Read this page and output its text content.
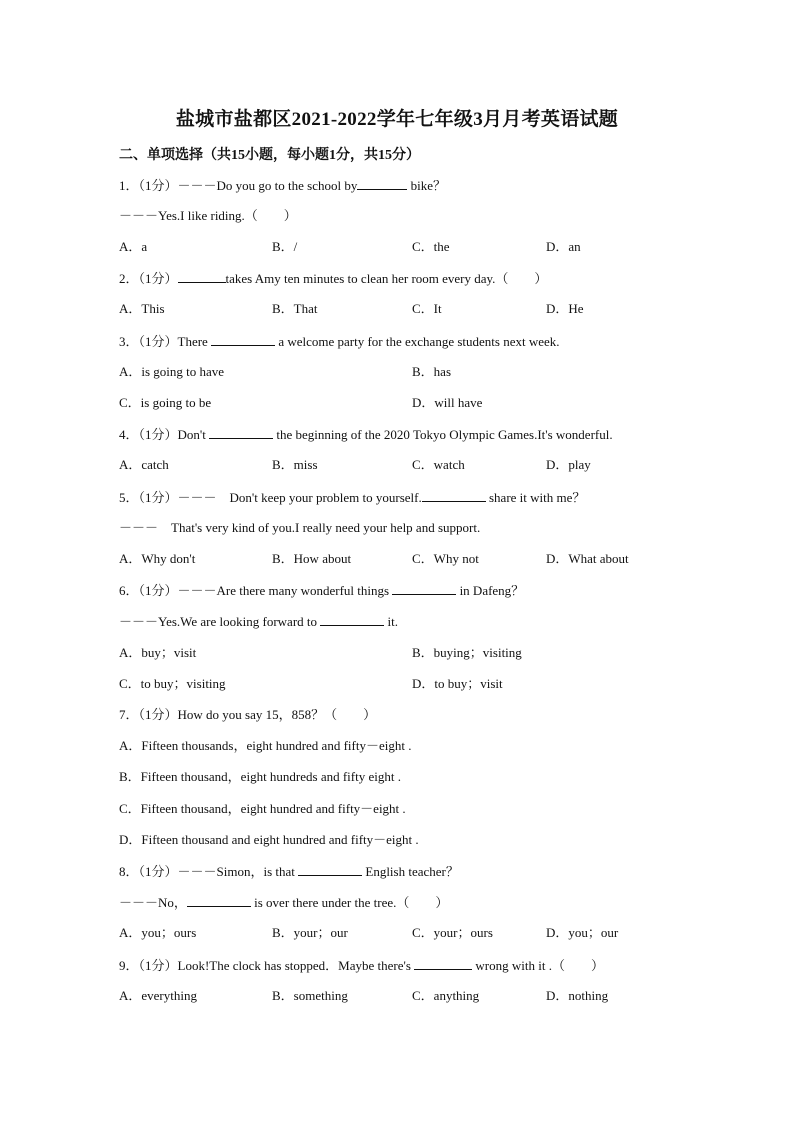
盐城市盐都区2021-2022学年七年级3月月考英语试题
二、单项选择（共15小题，每小题1分，共15分）
1．（1分）－－－Do you go to the school by	bike？
－－－Yes.I like riding.（　　）
A．a	B．/	C．the	D．an
2．（1分）	takes Amy ten minutes to clean her room every day.（　　）
A．This	B．That	C．It	D．He
3．（1分）There	a welcome party for the exchange students next week.
A．is going to have	B．has
C．is going to be	D．will have
4．（1分）Don't	the beginning of the 2020 Tokyo Olympic Games.It's wonderful.
A．catch	B．miss	C．watch	D．play
5．（1分）－－－　Don't keep your problem to yourself.	share it with me？
－－－　That's very kind of you.I really need your help and support.
A．Why don't	B．How about	C．Why not	D．What about
6．（1分）－－－Are there many wonderful things	in Dafeng？
－－－Yes.We are looking forward to	it.
A．buy；visit	B．buying；visiting
C．to buy；visiting	D．to buy；visit
7．（1分）How do you say 15，858？（　　）
A．Fifteen thousands，eight hundred and fifty－eight .
B．Fifteen thousand，eight hundreds and fifty eight .
C．Fifteen thousand，eight hundred and fifty－eight .
D．Fifteen thousand and eight hundred and fifty－eight .
8．（1分）－－－Simon，is that	English teacher？
－－－No，	is over there under the tree.（　　）
A．you；ours	B．your；our	C．your；ours	D．you；our
9．（1分）Look!The clock has stopped．Maybe there's	wrong with it .（　　）
A．everything	B．something	C．anything	D．nothing
